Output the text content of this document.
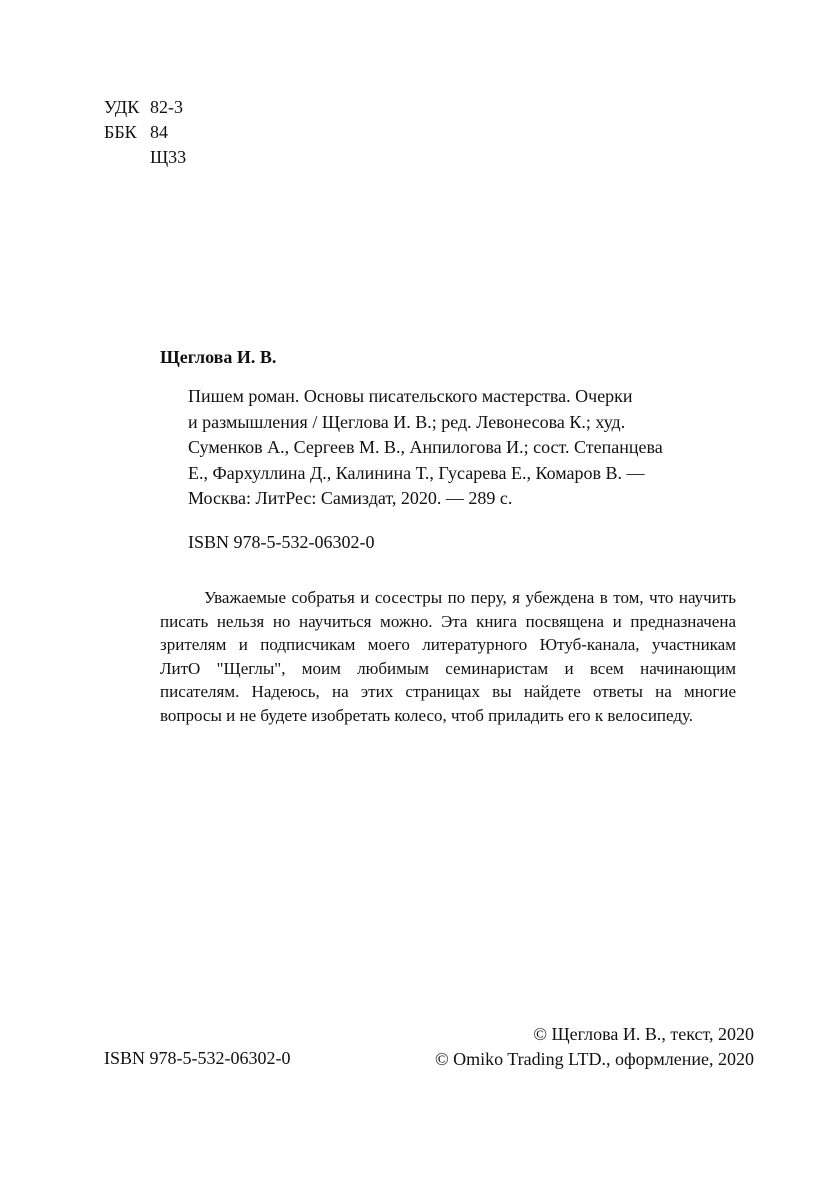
УДК 82-3
ББК 84
Щ33
Щеглова И. В.
Пишем роман. Основы писательского мастерства. Очерки
и размышления / Щеглова И. В.; ред. Левонесова К.; худ.
Суменков А., Сергеев М. В., Анпилогова И.; сост. Степанцева
Е., Фархуллина Д., Калинина Т., Гусарева Е., Комаров В. —
Москва: ЛитРес: Самиздат, 2020. — 289 с.
ISBN 978-5-532-06302-0
Уважаемые собратья и сосестры по перу, я убеждена в том, что научить
писать нельзя но научиться можно. Эта книга посвящена и предназначена
зрителям и подписчикам моего литературного Ютуб-канала, участникам
ЛитО "Щеглы", моим любимым семинаристам и всем начинающим
писателям. Надеюсь, на этих страницах вы найдете ответы на многие
вопросы и не будете изобретать колесо, чтоб приладить его к велосипеду.
ISBN 978-5-532-06302-0
© Щеглова И. В., текст, 2020
© Omiko Trading LTD., оформление, 2020
